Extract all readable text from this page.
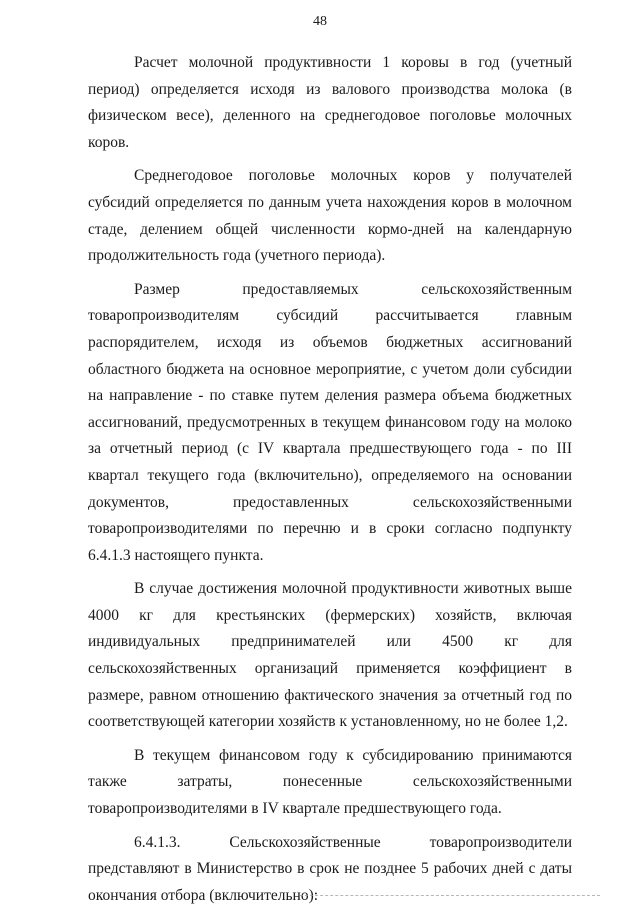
48

Расчет молочной продуктивности 1 коровы в год (учетный период) определяется исходя из валового производства молока (в физическом весе), деленного на среднегодовое поголовье молочных коров.

Среднегодовое поголовье молочных коров у получателей субсидий определяется по данным учета нахождения коров в молочном стаде, делением общей численности кормо-дней на календарную продолжительность года (учетного периода).

Размер предоставляемых сельскохозяйственным товаропроизводителям субсидий рассчитывается главным распорядителем, исходя из объемов бюджетных ассигнований областного бюджета на основное мероприятие, с учетом доли субсидии на направление - по ставке путем деления размера объема бюджетных ассигнований, предусмотренных в текущем финансовом году на молоко за отчетный период (с IV квартала предшествующего года - по III квартал текущего года (включительно), определяемого на основании документов, предоставленных сельскохозяйственными товаропроизводителями по перечню и в сроки согласно подпункту 6.4.1.3 настоящего пункта.

В случае достижения молочной продуктивности животных выше 4000 кг для крестьянских (фермерских) хозяйств, включая индивидуальных предпринимателей или 4500 кг для сельскохозяйственных организаций применяется коэффициент в размере, равном отношению фактического значения за отчетный год по соответствующей категории хозяйств к установленному, но не более 1,2.

В текущем финансовом году к субсидированию принимаются также затраты, понесенные сельскохозяйственными товаропроизводителями в IV квартале предшествующего года.

6.4.1.3. Сельскохозяйственные товаропроизводители представляют в Министерство в срок не позднее 5 рабочих дней с даты окончания отбора (включительно):
